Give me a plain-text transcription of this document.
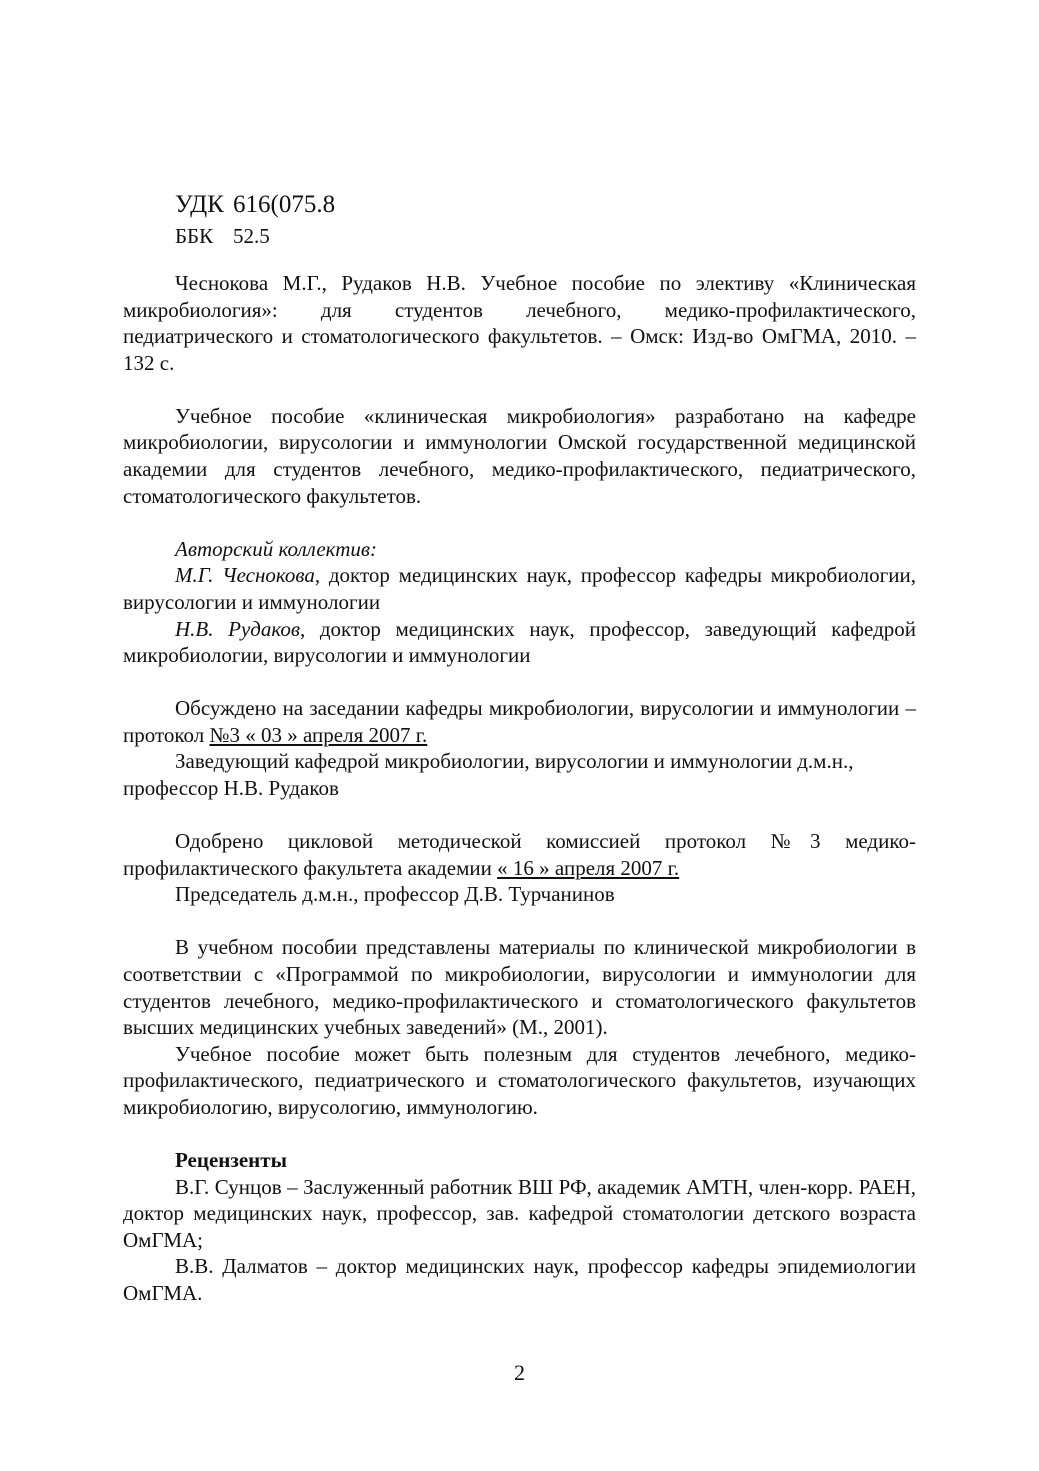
УДК 616(075.8
ББК 52.5

Чеснокова М.Г., Рудаков Н.В. Учебное пособие по элективу «Клиническая микробиология»: для студентов лечебного, медико-профилактического, педиатрического и стоматологического факультетов. – Омск: Изд-во ОмГМА, 2010. – 132 с.

Учебное пособие «клиническая микробиология» разработано на кафедре микробиологии, вирусологии и иммунологии Омской государственной медицинской академии для студентов лечебного, медико-профилактического, педиатрического, стоматологического факультетов.

Авторский коллектив:

М.Г. Чеснокова, доктор медицинских наук, профессор кафедры микробиологии, вирусологии и иммунологии

Н.В. Рудаков, доктор медицинских наук, профессор, заведующий кафедрой микробиологии, вирусологии и иммунологии

Обсуждено на заседании кафедры микробиологии, вирусологии и иммунологии – протокол №3 « 03 » апреля 2007 г.

Заведующий кафедрой микробиологии, вирусологии и иммунологии д.м.н., профессор Н.В. Рудаков

Одобрено цикловой методической комиссией протокол №3 медико-профилактического факультета академии « 16 » апреля 2007 г.

Председатель д.м.н., профессор Д.В. Турчанинов

В учебном пособии представлены материалы по клинической микробиологии в соответствии с «Программой по микробиологии, вирусологии и иммунологии для студентов лечебного, медико-профилактического и стоматологического факультетов высших медицинских учебных заведений» (М., 2001).

Учебное пособие может быть полезным для студентов лечебного, медико-профилактического, педиатрического и стоматологического факультетов, изучающих микробиологию, вирусологию, иммунологию.

Рецензенты

В.Г. Сунцов – Заслуженный работник ВШ РФ, академик АМТН, член-корр. РАЕН, доктор медицинских наук, профессор, зав. кафедрой стоматологии детского возраста ОмГМА;

В.В. Далматов – доктор медицинских наук, профессор кафедры эпидемиологии ОмГМА.

2
